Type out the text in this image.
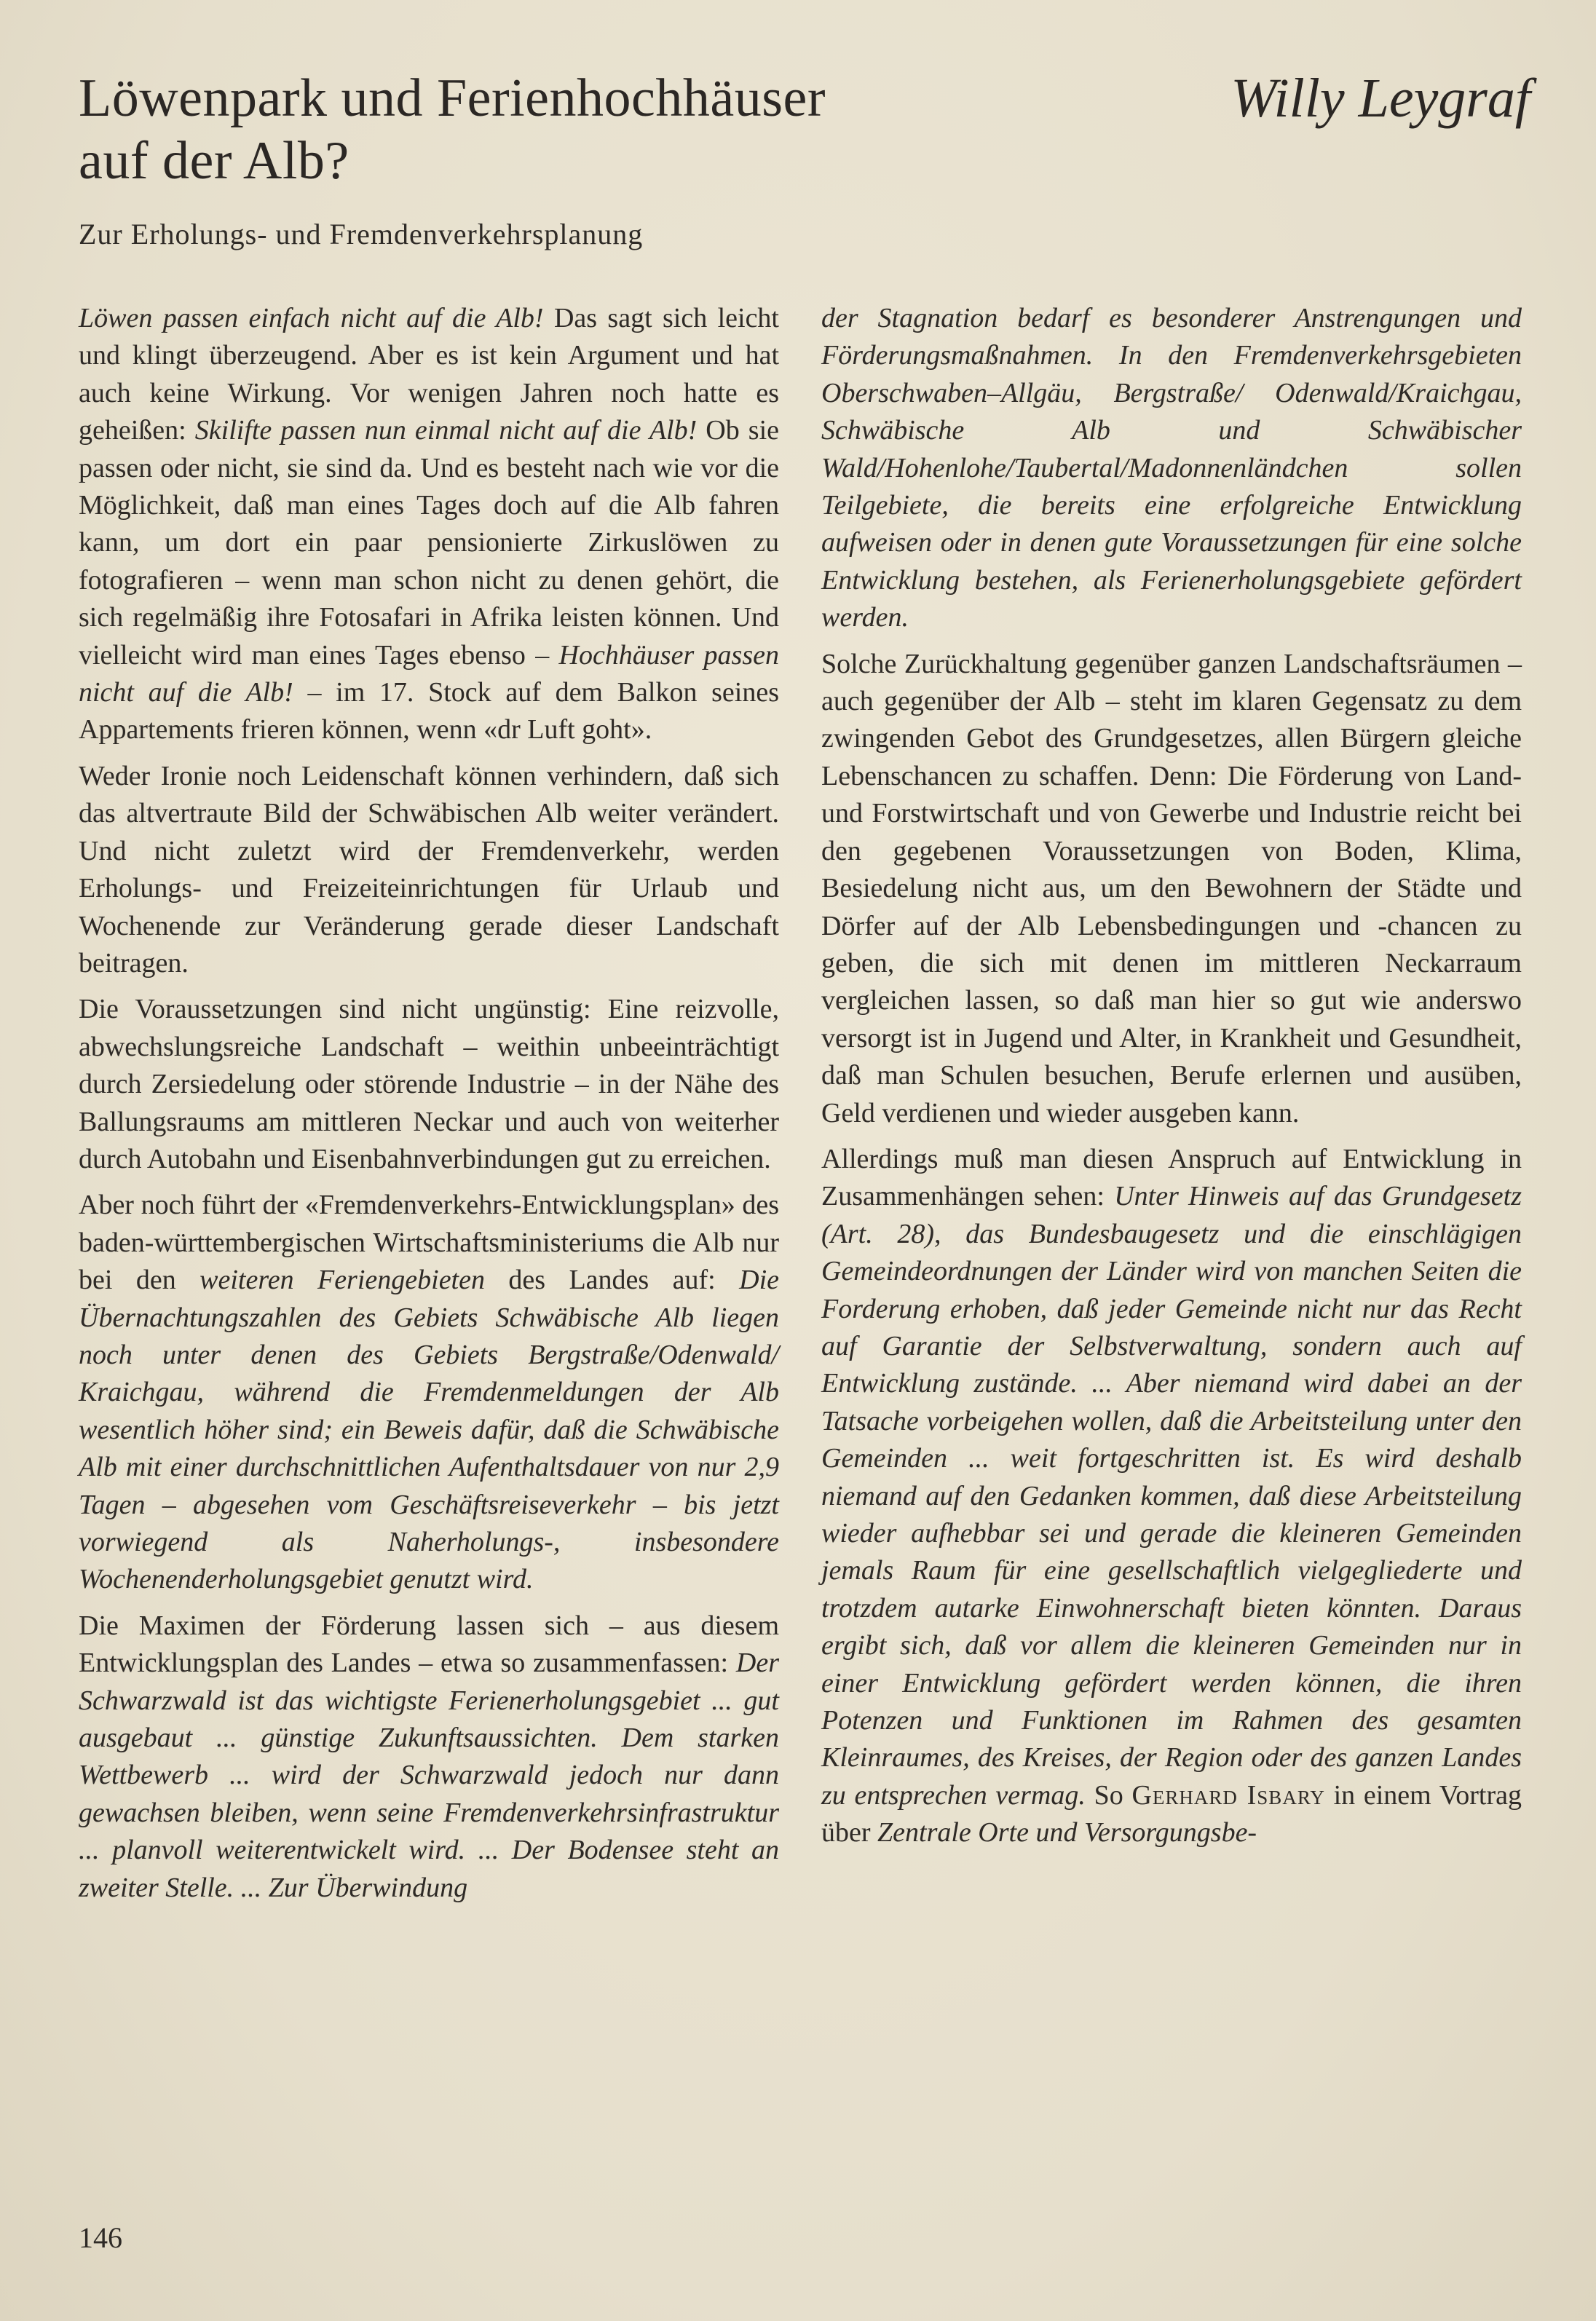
Löwenpark und Ferienhochhäuser
auf der Alb?
Willy Leygraf
Zur Erholungs- und Fremdenverkehrsplanung

Löwen passen einfach nicht auf die Alb! Das sagt sich leicht und klingt überzeugend. Aber es ist kein Argument und hat auch keine Wirkung. Vor wenigen Jahren noch hatte es geheißen: Skilifte passen nun einmal nicht auf die Alb! Ob sie passen oder nicht, sie sind da. Und es besteht nach wie vor die Möglichkeit, daß man eines Tages doch auf die Alb fahren kann, um dort ein paar pensionierte Zirkuslöwen zu fotografieren – wenn man schon nicht zu denen gehört, die sich regelmäßig ihre Fotosafari in Afrika leisten können. Und vielleicht wird man eines Tages ebenso – Hochhäuser passen nicht auf die Alb! – im 17. Stock auf dem Balkon seines Appartements frieren können, wenn «dr Luft goht».

Weder Ironie noch Leidenschaft können verhindern, daß sich das altvertraute Bild der Schwäbischen Alb weiter verändert. Und nicht zuletzt wird der Fremdenverkehr, werden Erholungs- und Freizeiteinrichtungen für Urlaub und Wochenende zur Veränderung gerade dieser Landschaft beitragen.

Die Voraussetzungen sind nicht ungünstig: Eine reizvolle, abwechslungsreiche Landschaft – weithin unbeeinträchtigt durch Zersiedelung oder störende Industrie – in der Nähe des Ballungsraums am mittleren Neckar und auch von weiterher durch Autobahn und Eisenbahnverbindungen gut zu erreichen.

Aber noch führt der «Fremdenverkehrs-Entwicklungsplan» des baden-württembergischen Wirtschaftsministeriums die Alb nur bei den weiteren Feriengebieten des Landes auf: Die Übernachtungszahlen des Gebiets Schwäbische Alb liegen noch unter denen des Gebiets Bergstraße/Odenwald/ Kraichgau, während die Fremdenmeldungen der Alb wesentlich höher sind; ein Beweis dafür, daß die Schwäbische Alb mit einer durchschnittlichen Aufenthaltsdauer von nur 2,9 Tagen – abgesehen vom Geschäftsreiseverkehr – bis jetzt vorwiegend als Naherholungs-, insbesondere Wochenenderholungsgebiet genutzt wird.

Die Maximen der Förderung lassen sich – aus diesem Entwicklungsplan des Landes – etwa so zusammenfassen: Der Schwarzwald ist das wichtigste Ferienerholungsgebiet ... gut ausgebaut ... günstige Zukunftsaussichten. Dem starken Wettbewerb ... wird der Schwarzwald jedoch nur dann gewachsen bleiben, wenn seine Fremdenverkehrsinfrastruktur ... planvoll weiterentwickelt wird. ... Der Bodensee steht an zweiter Stelle. ... Zur Überwindung

der Stagnation bedarf es besonderer Anstrengungen und Förderungsmaßnahmen. In den Fremdenverkehrsgebieten Oberschwaben–Allgäu, Bergstraße/ Odenwald/Kraichgau, Schwäbische Alb und Schwäbischer Wald/Hohenlohe/Taubertal/Madonnenländchen sollen Teilgebiete, die bereits eine erfolgreiche Entwicklung aufweisen oder in denen gute Voraussetzungen für eine solche Entwicklung bestehen, als Ferienerholungsgebiete gefördert werden.

Solche Zurückhaltung gegenüber ganzen Landschaftsräumen – auch gegenüber der Alb – steht im klaren Gegensatz zu dem zwingenden Gebot des Grundgesetzes, allen Bürgern gleiche Lebenschancen zu schaffen. Denn: Die Förderung von Land- und Forstwirtschaft und von Gewerbe und Industrie reicht bei den gegebenen Voraussetzungen von Boden, Klima, Besiedelung nicht aus, um den Bewohnern der Städte und Dörfer auf der Alb Lebensbedingungen und -chancen zu geben, die sich mit denen im mittleren Neckarraum vergleichen lassen, so daß man hier so gut wie anderswo versorgt ist in Jugend und Alter, in Krankheit und Gesundheit, daß man Schulen besuchen, Berufe erlernen und ausüben, Geld verdienen und wieder ausgeben kann.

Allerdings muß man diesen Anspruch auf Entwicklung in Zusammenhängen sehen: Unter Hinweis auf das Grundgesetz (Art. 28), das Bundesbaugesetz und die einschlägigen Gemeindeordnungen der Länder wird von manchen Seiten die Forderung erhoben, daß jeder Gemeinde nicht nur das Recht auf Garantie der Selbstverwaltung, sondern auch auf Entwicklung zustände. ... Aber niemand wird dabei an der Tatsache vorbeigehen wollen, daß die Arbeitsteilung unter den Gemeinden ... weit fortgeschritten ist. Es wird deshalb niemand auf den Gedanken kommen, daß diese Arbeitsteilung wieder aufhebbar sei und gerade die kleineren Gemeinden jemals Raum für eine gesellschaftlich vielgegliederte und trotzdem autarke Einwohnerschaft bieten könnten. Daraus ergibt sich, daß vor allem die kleineren Gemeinden nur in einer Entwicklung gefördert werden können, die ihren Potenzen und Funktionen im Rahmen des gesamten Kleinraumes, des Kreises, der Region oder des ganzen Landes zu entsprechen vermag. So Gerhard Isbary in einem Vortrag über Zentrale Orte und Versorgungsbe-

146
